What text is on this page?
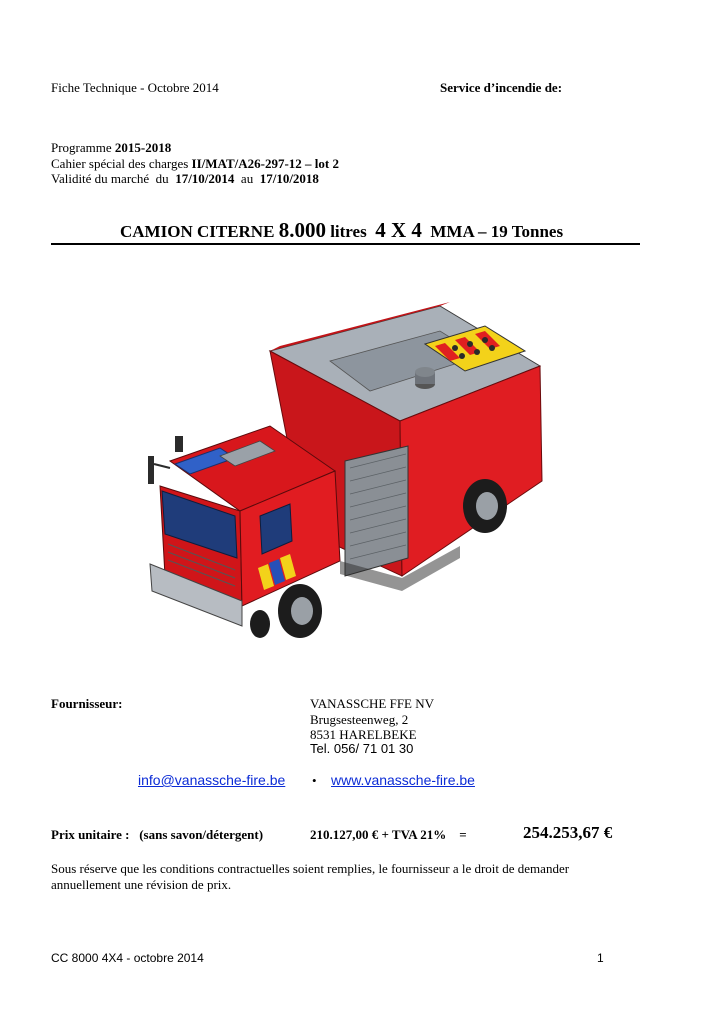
Fiche Technique - Octobre 2014	Service d’incendie de:
Programme 2015-2018
Cahier spécial des charges II/MAT/A26-297-12 – lot 2
Validité du marché  du  17/10/2014  au  17/10/2018
CAMION CITERNE 8.000 litres  4 X 4  MMA – 19 Tonnes
Fournisseur:	VANASSCHE FFE NV
Brugsesteenweg, 2
8531 HARELBEKE
Tel. 056/ 71 01 30
info@vanassche-fire.be • www.vanassche-fire.be
Prix unitaire :   (sans savon/détergent)	210.127,00 € + TVA 21%    =	254.253,67 €
Sous réserve que les conditions contractuelles soient remplies, le fournisseur a le droit de demander
annuellement une révision de prix.
CC 8000 4X4 - octobre 2014	1
